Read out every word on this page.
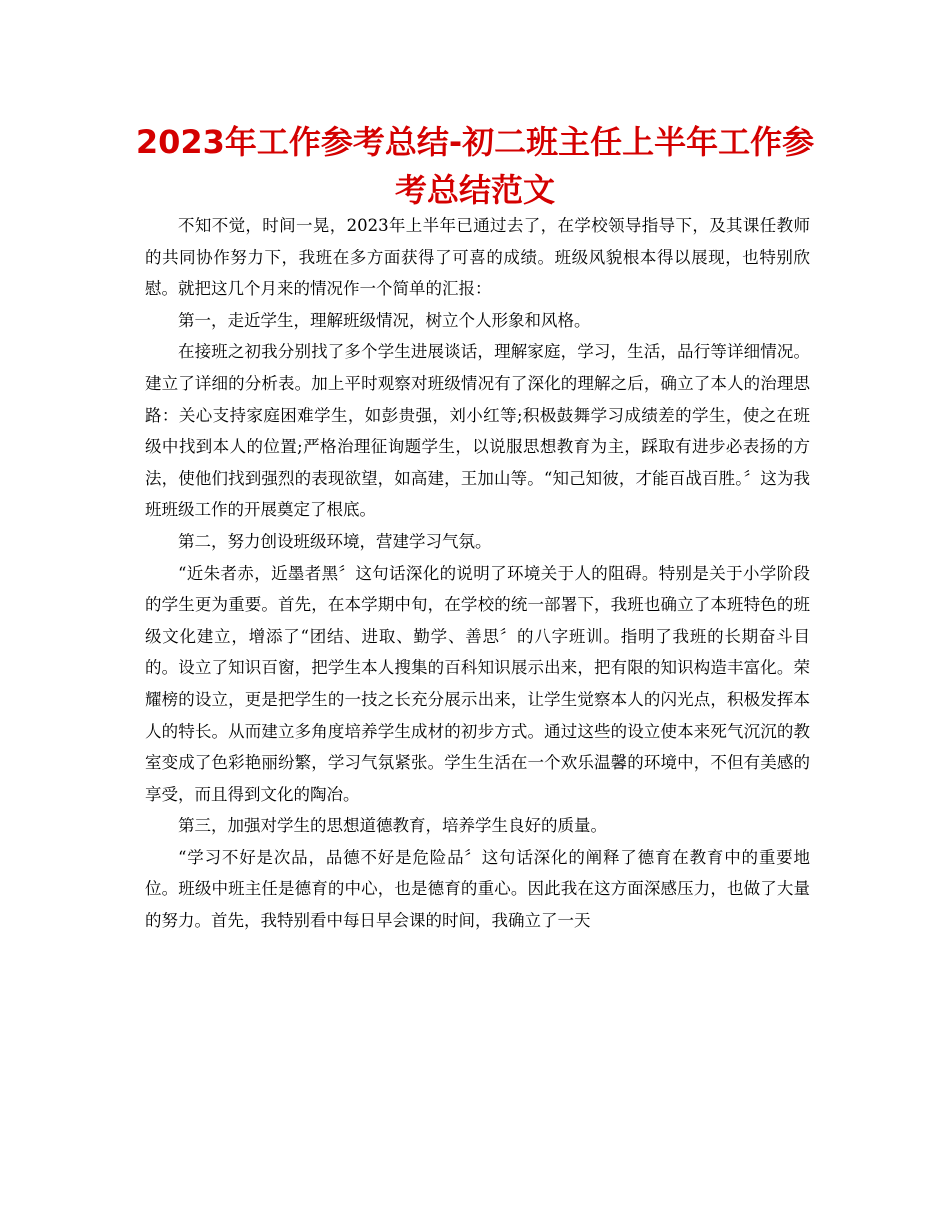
2023年工作参考总结-初二班主任上半年工作参考总结范文

不知不觉，时间一晃，2023年上半年已通过去了，在学校领导指导下，及其课任教师的共同协作努力下，我班在多方面获得了可喜的成绩。班级风貌根本得以展现，也特别欣慰。就把这几个月来的情况作一个简单的汇报：

第一，走近学生，理解班级情况，树立个人形象和风格。

在接班之初我分别找了多个学生进展谈话，理解家庭，学习，生活，品行等详细情况。建立了详细的分析表。加上平时观察对班级情况有了深化的理解之后，确立了本人的治理思路：关心支持家庭困难学生，如彭贵强，刘小红等;积极鼓舞学习成绩差的学生，使之在班级中找到本人的位置;严格治理征询题学生，以说服思想教育为主，踩取有进步必表扬的方法，使他们找到强烈的表现欲望，如高建，王加山等。“知己知彼，才能百战百胜。〞这为我班班级工作的开展奠定了根底。

第二，努力创设班级环境，营建学习气氛。

“近朱者赤，近墨者黑〞这句话深化的说明了环境关于人的阻碍。特别是关于小学阶段的学生更为重要。首先，在本学期中旬，在学校的统一部署下，我班也确立了本班特色的班级文化建立，增添了“团结、进取、勤学、善思〞的八字班训。指明了我班的长期奋斗目的。设立了知识百窗，把学生本人搜集的百科知识展示出来，把有限的知识构造丰富化。荣耀榜的设立，更是把学生的一技之长充分展示出来，让学生觉察本人的闪光点，积极发挥本人的特长。从而建立多角度培养学生成材的初步方式。通过这些的设立使本来死气沉沉的教室变成了色彩艳丽纷繁，学习气氛紧张。学生生活在一个欢乐温馨的环境中，不但有美感的享受，而且得到文化的陶冶。

第三，加强对学生的思想道德教育，培养学生良好的质量。

“学习不好是次品，品德不好是危险品〞这句话深化的阐释了德育在教育中的重要地位。班级中班主任是德育的中心，也是德育的重心。因此我在这方面深感压力，也做了大量的努力。首先，我特别看中每日早会课的时间，我确立了一天
